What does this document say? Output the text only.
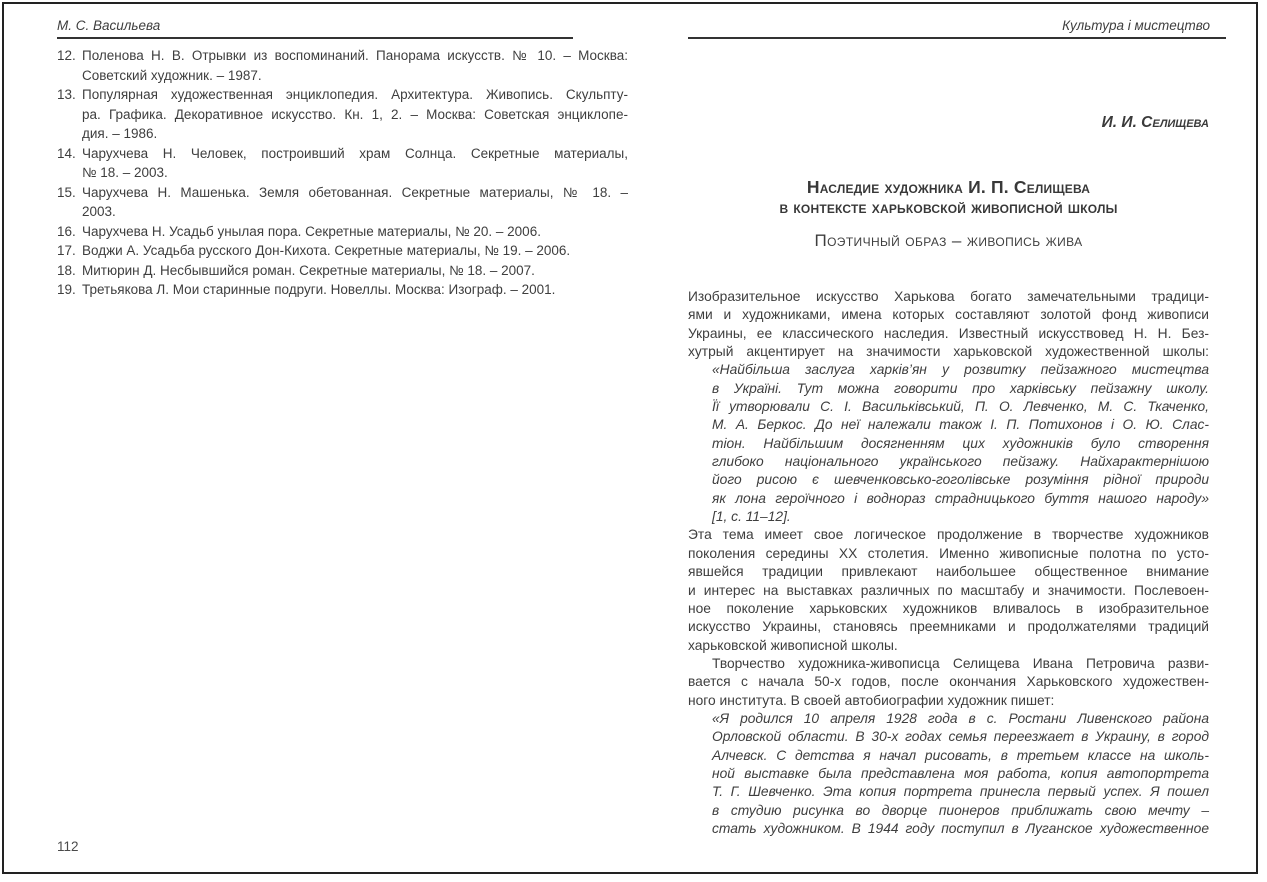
М. С. Васильева
12. Поленова Н. В. Отрывки из воспоминаний. Панорама искусств. № 10. – Москва:
Советский художник. – 1987.
13. Популярная художественная энциклопедия. Архитектура. Живопись. Скульпту-
ра. Графика. Декоративное искусство. Кн. 1, 2. – Москва: Советская энциклопе-
дия. – 1986.
14. Чарухчева Н. Человек, построивший храм Солнца. Секретные материалы,
№ 18. – 2003.
15. Чарухчева Н. Машенька. Земля обетованная. Секретные материалы, № 18. –
2003.
16. Чарухчева Н. Усадьб унылая пора. Секретные материалы, № 20. – 2006.
17. Воджи А. Усадьба русского Дон-Кихота. Секретные материалы, № 19. – 2006.
18. Митюрин Д. Несбывшийся роман. Секретные материалы, № 18. – 2007.
19. Третьякова Л. Мои старинные подруги. Новеллы. Москва: Изограф. – 2001.
112
Культура і мистецтво
И. И. Селищева
Наследие художника И. П. Селищева
в контексте харьковской живописной школы
Поэтичный образ – живопись жива
Изобразительное искусство Харькова богато замечательными традици-
ями и художниками, имена которых составляют золотой фонд живописи
Украины, ее классического наследия. Известный искусствовед Н. Н. Без-
хутрый акцентирует на значимости харьковской художественной школы:
«Найбільша заслуга харків’ян у розвитку пейзажного мистецтва
в Україні. Тут можна говорити про харківську пейзажну школу.
Її утворювали С. І. Васильківський, П. О. Левченко, М. С. Ткаченко,
М. А. Беркос. До неї належали також І. П. Потихонов і О. Ю. Слас-
тіон. Найбільшим досягненням цих художників було створення
глибоко національного українського пейзажу. Найхарактернішою
його рисою є шевченковсько-гоголівське розуміння рідної природи
як лона героїчного і воднораз страдницького буття нашого народу»
[1, с. 11–12].
Эта тема имеет свое логическое продолжение в творчестве художников
поколения середины ХХ столетия. Именно живописные полотна по усто-
явшейся традиции привлекают наибольшее общественное внимание
и интерес на выставках различных по масштабу и значимости. Послевоен-
ное поколение харьковских художников вливалось в изобразительное
искусство Украины, становясь преемниками и продолжателями традиций
харьковской живописной школы.
Творчество художника-живописца Селищева Ивана Петровича разви-
вается с начала 50-х годов, после окончания Харьковского художествен-
ного института. В своей автобиографии художник пишет:
«Я родился 10 апреля 1928 года в с. Ростани Ливенского района
Орловской области. В 30-х годах семья переезжает в Украину, в город
Алчевск. С детства я начал рисовать, в третьем классе на школь-
ной выставке была представлена моя работа, копия автопортрета
Т. Г. Шевченко. Эта копия портрета принесла первый успех. Я пошел
в студию рисунка во дворце пионеров приближать свою мечту –
стать художником. В 1944 году поступил в Луганское художественное
